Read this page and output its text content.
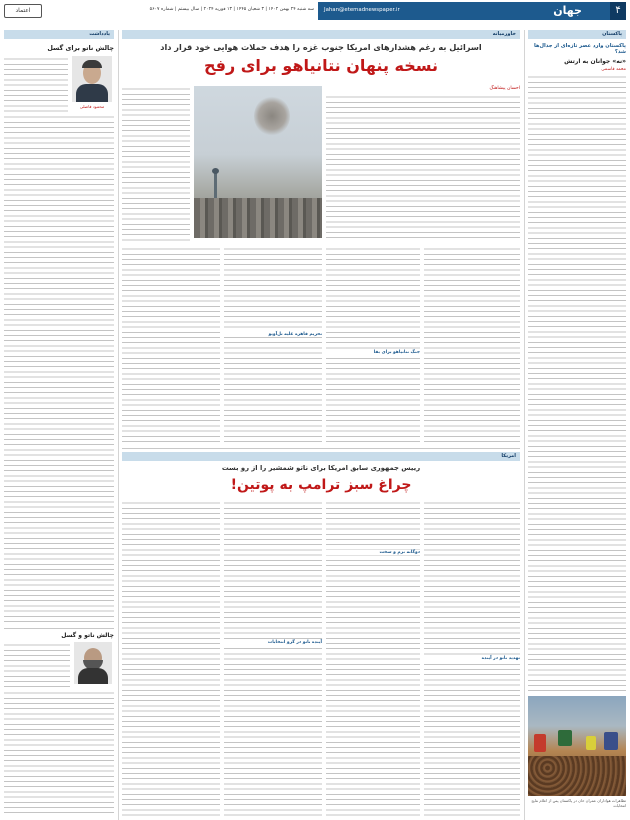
اعتماد	سه شنبه ۲۴ بهمن ۱۴۰۲ | ۳ شعبان ۱۴۴۵ | ۱۳ فوریه ۲۰۲۴ | سال بیستم | شماره ۵۶۰۷ Jahan@etemadnewspaper.ir	جهان	۴
پاکستان
پاکستان وارد عصر تازه‌ای از جدال‌ها شد؟
«نه» جوانان به ارتش
محمد قاسمی
تظاهرات هواداران عمران خان در پاکستان پس از اعلام نتایج انتخابات
خاورمیانه
اسرائیل به رغم هشدارهای امریکا جنوب غزه را هدف حملات هوایی خود قرار داد
نسخه پنهان نتانیاهو برای رفح
احسان پیشاهنگ
جنگ نتانیاهو برای بقا
تحریم قاهره علیه تل‌آویو
یادداشت
چالش ناتو برای گسل
محمود فاضلی
چالش ناتو و گسل
امریکا
رییس جمهوری سابق امریکا برای ناتو شمشیر را از رو بست
چراغ سبز ترامپ به پوتین!
تهدید ناتو در آینده
دوگانه نرم و سخت
آینده ناتو در گرو انتخابات
